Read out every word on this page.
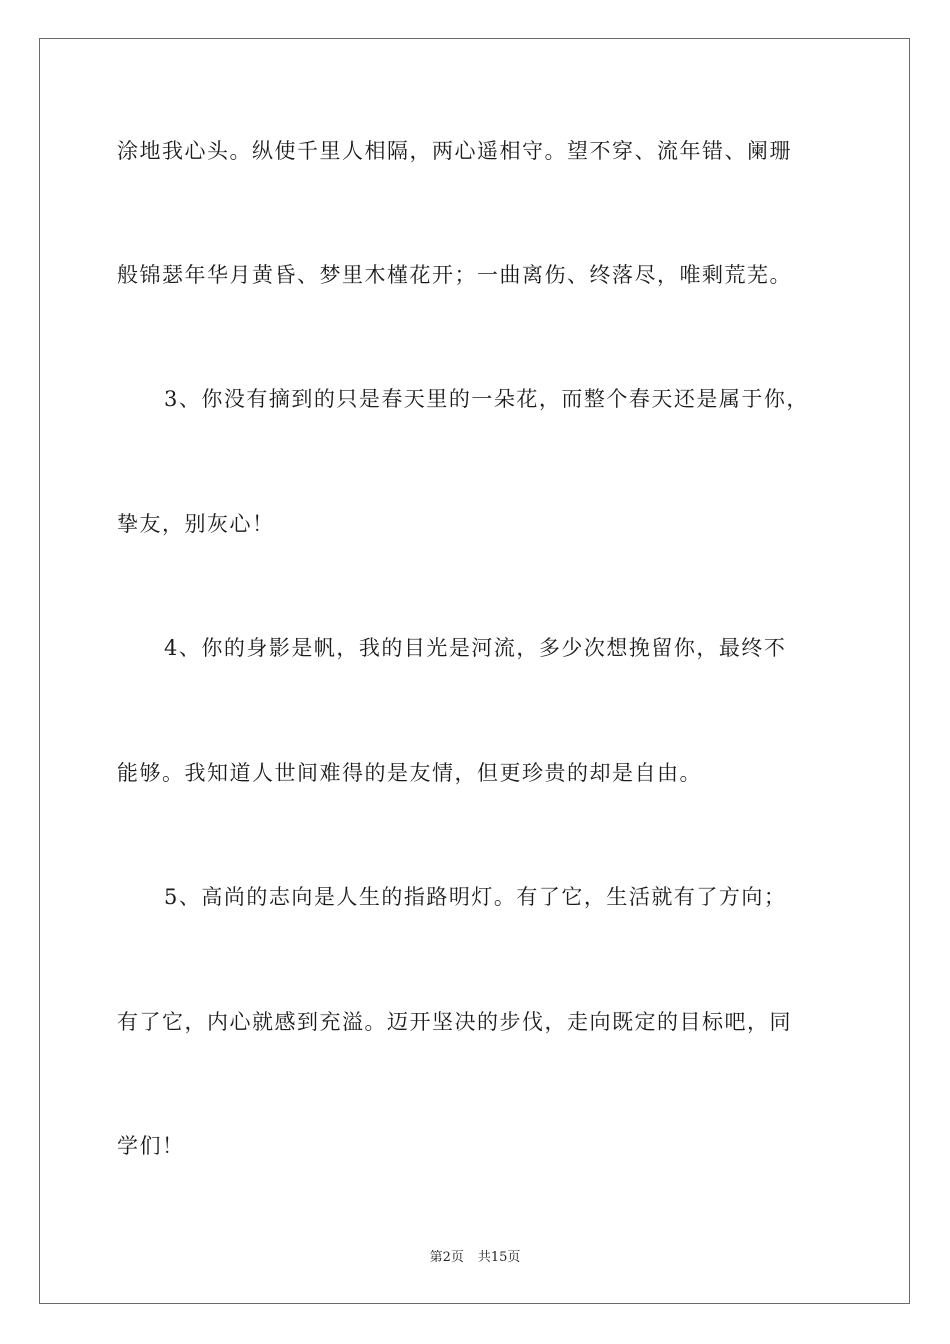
涂地我心头。纵使千里人相隔，两心遥相守。望不穿、流年错、阑珊
般锦瑟年华月黄昏、梦里木槿花开；一曲离伤、终落尽，唯剩荒芜。
3、你没有摘到的只是春天里的一朵花，而整个春天还是属于你，
挚友，别灰心！
4、你的身影是帆，我的目光是河流，多少次想挽留你，最终不
能够。我知道人世间难得的是友情，但更珍贵的却是自由。
5、高尚的志向是人生的指路明灯。有了它，生活就有了方向；
有了它，内心就感到充溢。迈开坚决的步伐，走向既定的目标吧，同
学们！
第2页 共15页
